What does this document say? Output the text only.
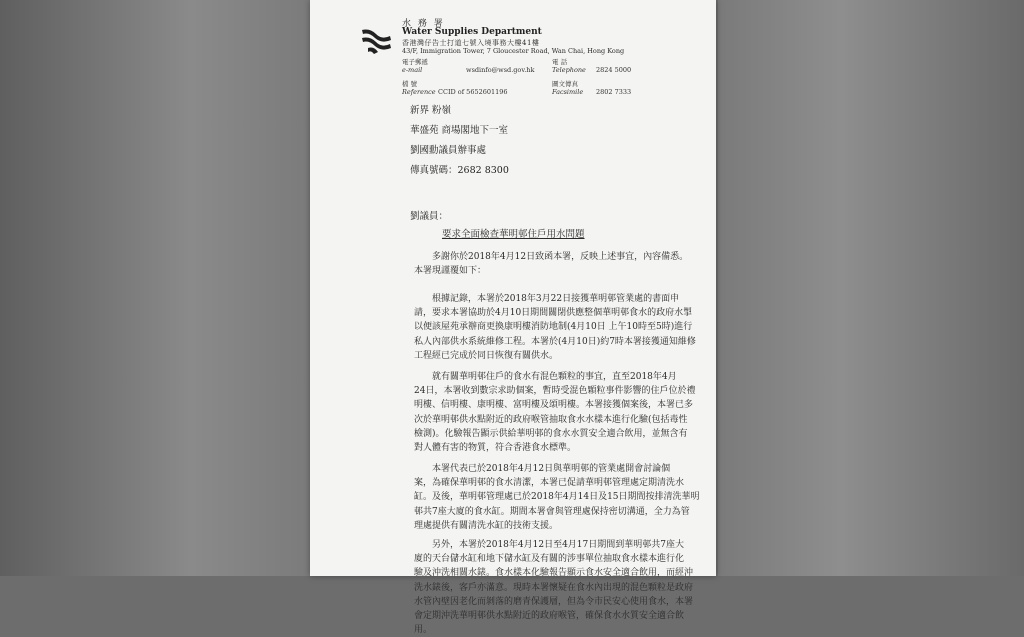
水 務 署
Water Supplies Department
香港灣仔告士打道七號入境事務大樓41樓
43/F, Immigration Tower, 7 Gloucester Road, Wan Chai, Hong Kong
電子郵遞
e-mail	wsdinfo@wsd.gov.hk
電 話
Telephone 2824 5000
檔 號
Reference CCID of 5652601196
圖文傳真
Facsimile 2802 7333
新界 粉嶺
華盛苑 商場閣地下一室
劉國勳議員辦事處
傳真號碼：2682 8300
劉議員：
要求全面檢查華明邨住戶用水問題
多謝你於2018年4月12日致函本署，反映上述事宜，內容備悉。
本署現謹覆如下：
根據記錄，本署於2018年3月22日接獲華明邨管業處的書面申
請，要求本署協助於4月10日期間關閉供應整個華明邨食水的政府水掣
以便該屋苑承辦商更換康明樓消防地制(4月10日 上午10時至5時)進行
私人內部供水系統維修工程。本署於(4月10日)約7時本署接獲通知維修
工程經已完成於同日恢復有關供水。
就有關華明邨住戶的食水有混色顆粒的事宜，直至2018年4月
24日，本署收到數宗求助個案，暫時受混色顆粒事件影響的住戶位於禮
明樓、信明樓、康明樓、富明樓及頌明樓。本署接獲個案後，本署已多
次於華明邨供水點附近的政府喉管抽取食水水樣本進行化驗(包括毒性
檢測)。化驗報告顯示供給華明邨的食水水質安全適合飲用，並無含有
對人體有害的物質，符合香港食水標準。
本署代表已於2018年4月12日與華明邨的管業處開會討論個
案，為確保華明邨的食水清潔，本署已促請華明邨管理處定期清洗水
缸。及後，華明邨管理處已於2018年4月14日及15日期間按排清洗華明
邨共7座大廈的食水缸。期間本署會與管理處保持密切溝通，全力為管
理處提供有關清洗水缸的技術支援。
另外，本署於2018年4月12日至4月17日期間到華明邨共7座大
廈的天台儲水缸和地下儲水缸及有關的涉事單位抽取食水樣本進行化
驗及沖洗相關水錶。食水樣本化驗報告顯示食水安全適合飲用，而經沖
洗水錶後，客戶亦滿意。現時本署懷疑在食水內出現的混色顆粒是政府
水管內壁因老化而剝落的磨青保護層，但為令市民安心使用食水，本署
會定期沖洗華明邨供水點附近的政府喉管，確保食水水質安全適合飲
用。
